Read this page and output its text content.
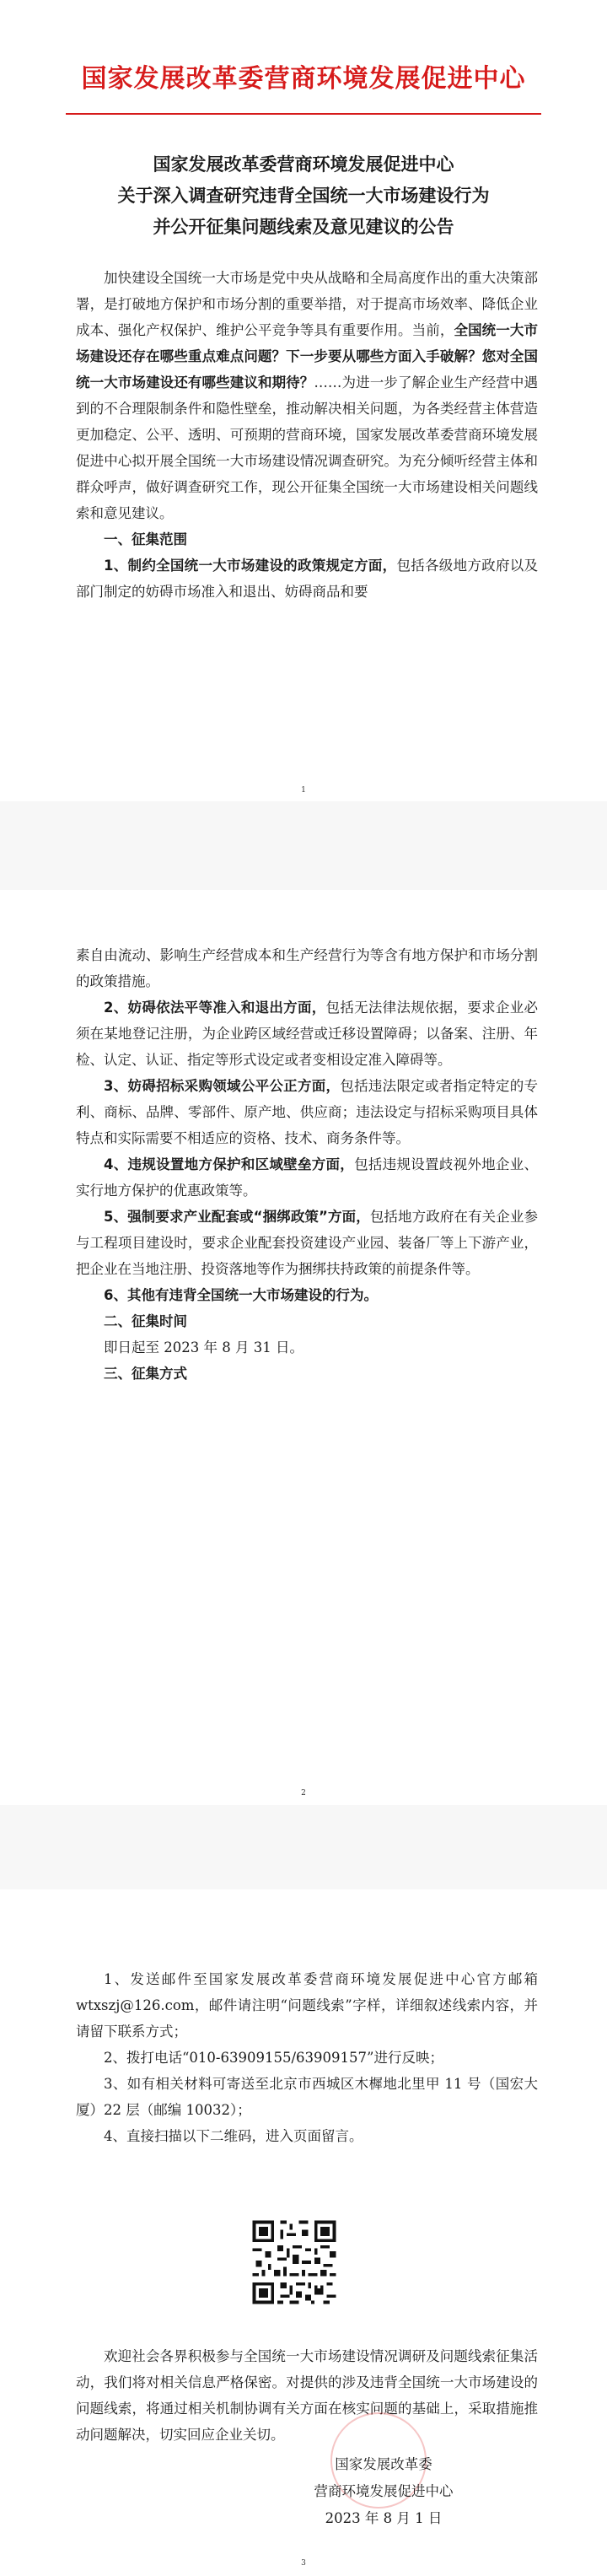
国家发展改革委营商环境发展促进中心
国家发展改革委营商环境发展促进中心
关于深入调查研究违背全国统一大市场建设行为
并公开征集问题线索及意见建议的公告

加快建设全国统一大市场是党中央从战略和全局高度作出的重大决策部署，是打破地方保护和市场分割的重要举措，对于提高市场效率、降低企业成本、强化产权保护、维护公平竞争等具有重要作用。当前，全国统一大市场建设还存在哪些重点难点问题？下一步要从哪些方面入手破解？您对全国统一大市场建设还有哪些建议和期待？……为进一步了解企业生产经营中遇到的不合理限制条件和隐性壁垒，推动解决相关问题，为各类经营主体营造更加稳定、公平、透明、可预期的营商环境，国家发展改革委营商环境发展促进中心拟开展全国统一大市场建设情况调查研究。为充分倾听经营主体和群众呼声，做好调查研究工作，现公开征集全国统一大市场建设相关问题线索和意见建议。

一、征集范围

1、制约全国统一大市场建设的政策规定方面，包括各级地方政府以及部门制定的妨碍市场准入和退出、妨碍商品和要

1

素自由流动、影响生产经营成本和生产经营行为等含有地方保护和市场分割的政策措施。

2、妨碍依法平等准入和退出方面，包括无法律法规依据，要求企业必须在某地登记注册，为企业跨区域经营或迁移设置障碍；以备案、注册、年检、认定、认证、指定等形式设定或者变相设定准入障碍等。

3、妨碍招标采购领域公平公正方面，包括违法限定或者指定特定的专利、商标、品牌、零部件、原产地、供应商；违法设定与招标采购项目具体特点和实际需要不相适应的资格、技术、商务条件等。

4、违规设置地方保护和区域壁垒方面，包括违规设置歧视外地企业、实行地方保护的优惠政策等。

5、强制要求产业配套或“捆绑政策”方面，包括地方政府在有关企业参与工程项目建设时，要求企业配套投资建设产业园、装备厂等上下游产业，把企业在当地注册、投资落地等作为捆绑扶持政策的前提条件等。

6、其他有违背全国统一大市场建设的行为。

二、征集时间

即日起至 2023 年 8 月 31 日。

三、征集方式

2

1、发送邮件至国家发展改革委营商环境发展促进中心官方邮箱 wtxszj@126.com，邮件请注明“问题线索”字样，详细叙述线索内容，并请留下联系方式；

2、拨打电话“010-63909155/63909157”进行反映；

3、如有相关材料可寄送至北京市西城区木樨地北里甲 11 号（国宏大厦）22 层（邮编 10032）；

4、直接扫描以下二维码，进入页面留言。

欢迎社会各界积极参与全国统一大市场建设情况调研及问题线索征集活动，我们将对相关信息严格保密。对提供的涉及违背全国统一大市场建设的问题线索，将通过相关机制协调有关方面在核实问题的基础上，采取措施推动问题解决，切实回应企业关切。

国家发展改革委
营商环境发展促进中心
2023 年 8 月 1 日
3
